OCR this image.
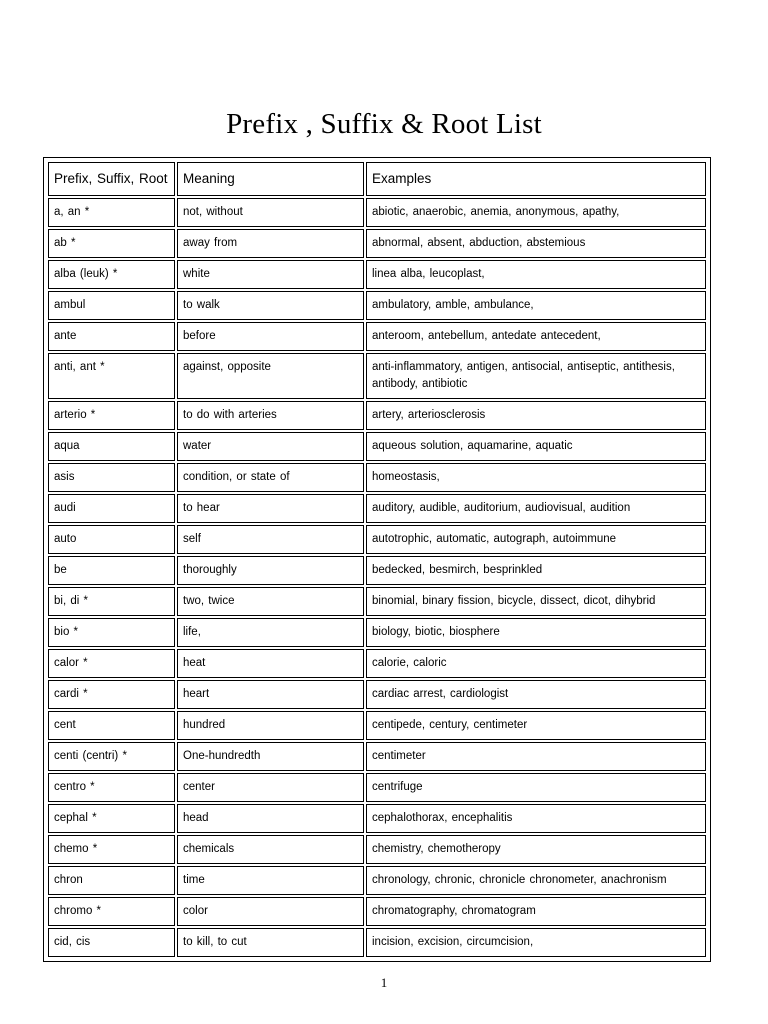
Prefix , Suffix & Root List
Prefix, Suffix, Root	Meaning	Examples
a, an *	not, without	abiotic, anaerobic, anemia, anonymous, apathy,
ab *	away from	abnormal, absent, abduction, abstemious
alba (leuk) *	white	linea alba, leucoplast,
ambul	to walk	ambulatory, amble, ambulance,
ante	before	anteroom, antebellum, antedate antecedent,
anti, ant *	against, opposite	anti-inflammatory, antigen, antisocial, antiseptic, antithesis, antibody, antibiotic
arterio *	to do with arteries	artery, arteriosclerosis
aqua	water	aqueous solution, aquamarine, aquatic
asis	condition, or state of	homeostasis,
audi	to hear	auditory, audible, auditorium, audiovisual, audition
auto	self	autotrophic, automatic, autograph, autoimmune
be	thoroughly	bedecked, besmirch, besprinkled
bi, di *	two, twice	binomial, binary fission, bicycle, dissect, dicot, dihybrid
bio *	life,	biology, biotic, biosphere
calor *	heat	calorie, caloric
cardi *	heart	cardiac arrest, cardiologist
cent	hundred	centipede, century, centimeter
centi (centri) *	One-hundredth	centimeter
centro *	center	centrifuge
cephal *	head	cephalothorax, encephalitis
chemo *	chemicals	chemistry, chemotheropy
chron	time	chronology, chronic, chronicle chronometer, anachronism
chromo *	color	chromatography, chromatogram
cid, cis	to kill, to cut	incision, excision, circumcision,
1
